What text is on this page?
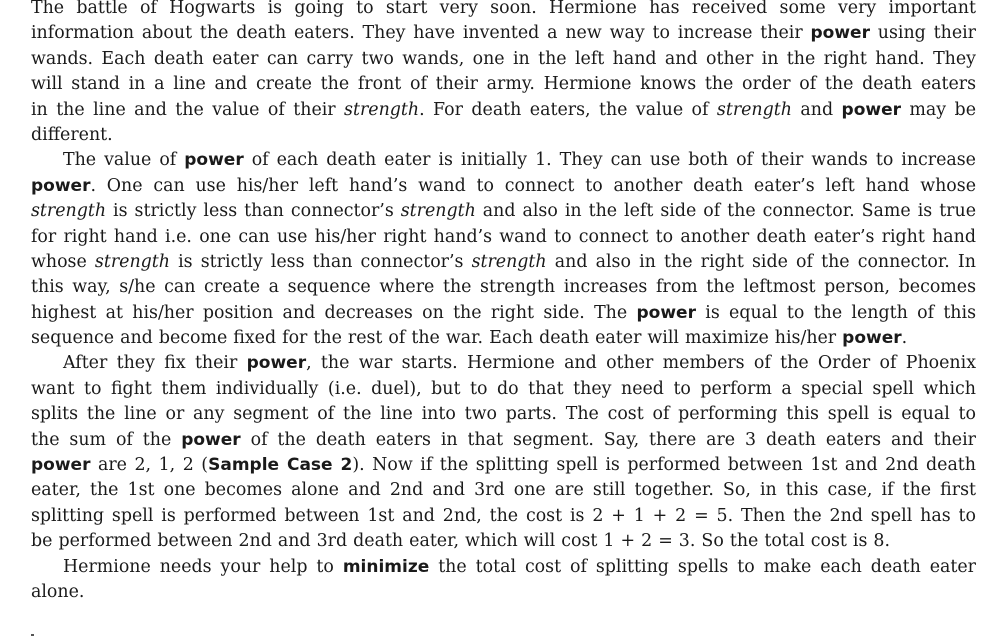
The battle of Hogwarts is going to start very soon. Hermione has received some very important
information about the death eaters. They have invented a new way to increase their power using their
wands. Each death eater can carry two wands, one in the left hand and other in the right hand. They
will stand in a line and create the front of their army. Hermione knows the order of the death eaters
in the line and the value of their strength. For death eaters, the value of strength and power may be
different.
The value of power of each death eater is initially 1. They can use both of their wands to increase
power. One can use his/her left hand’s wand to connect to another death eater’s left hand whose
strength is strictly less than connector’s strength and also in the left side of the connector. Same is true
for right hand i.e. one can use his/her right hand’s wand to connect to another death eater’s right hand
whose strength is strictly less than connector’s strength and also in the right side of the connector. In
this way, s/he can create a sequence where the strength increases from the leftmost person, becomes
highest at his/her position and decreases on the right side. The power is equal to the length of this
sequence and become fixed for the rest of the war. Each death eater will maximize his/her power.
After they fix their power, the war starts. Hermione and other members of the Order of Phoenix
want to fight them individually (i.e. duel), but to do that they need to perform a special spell which
splits the line or any segment of the line into two parts. The cost of performing this spell is equal to
the sum of the power of the death eaters in that segment. Say, there are 3 death eaters and their
power are 2, 1, 2 (Sample Case 2). Now if the splitting spell is performed between 1st and 2nd death
eater, the 1st one becomes alone and 2nd and 3rd one are still together. So, in this case, if the first
splitting spell is performed between 1st and 2nd, the cost is 2 + 1 + 2 = 5. Then the 2nd spell has to
be performed between 2nd and 3rd death eater, which will cost 1 + 2 = 3. So the total cost is 8.
Hermione needs your help to minimize the total cost of splitting spells to make each death eater
alone.
